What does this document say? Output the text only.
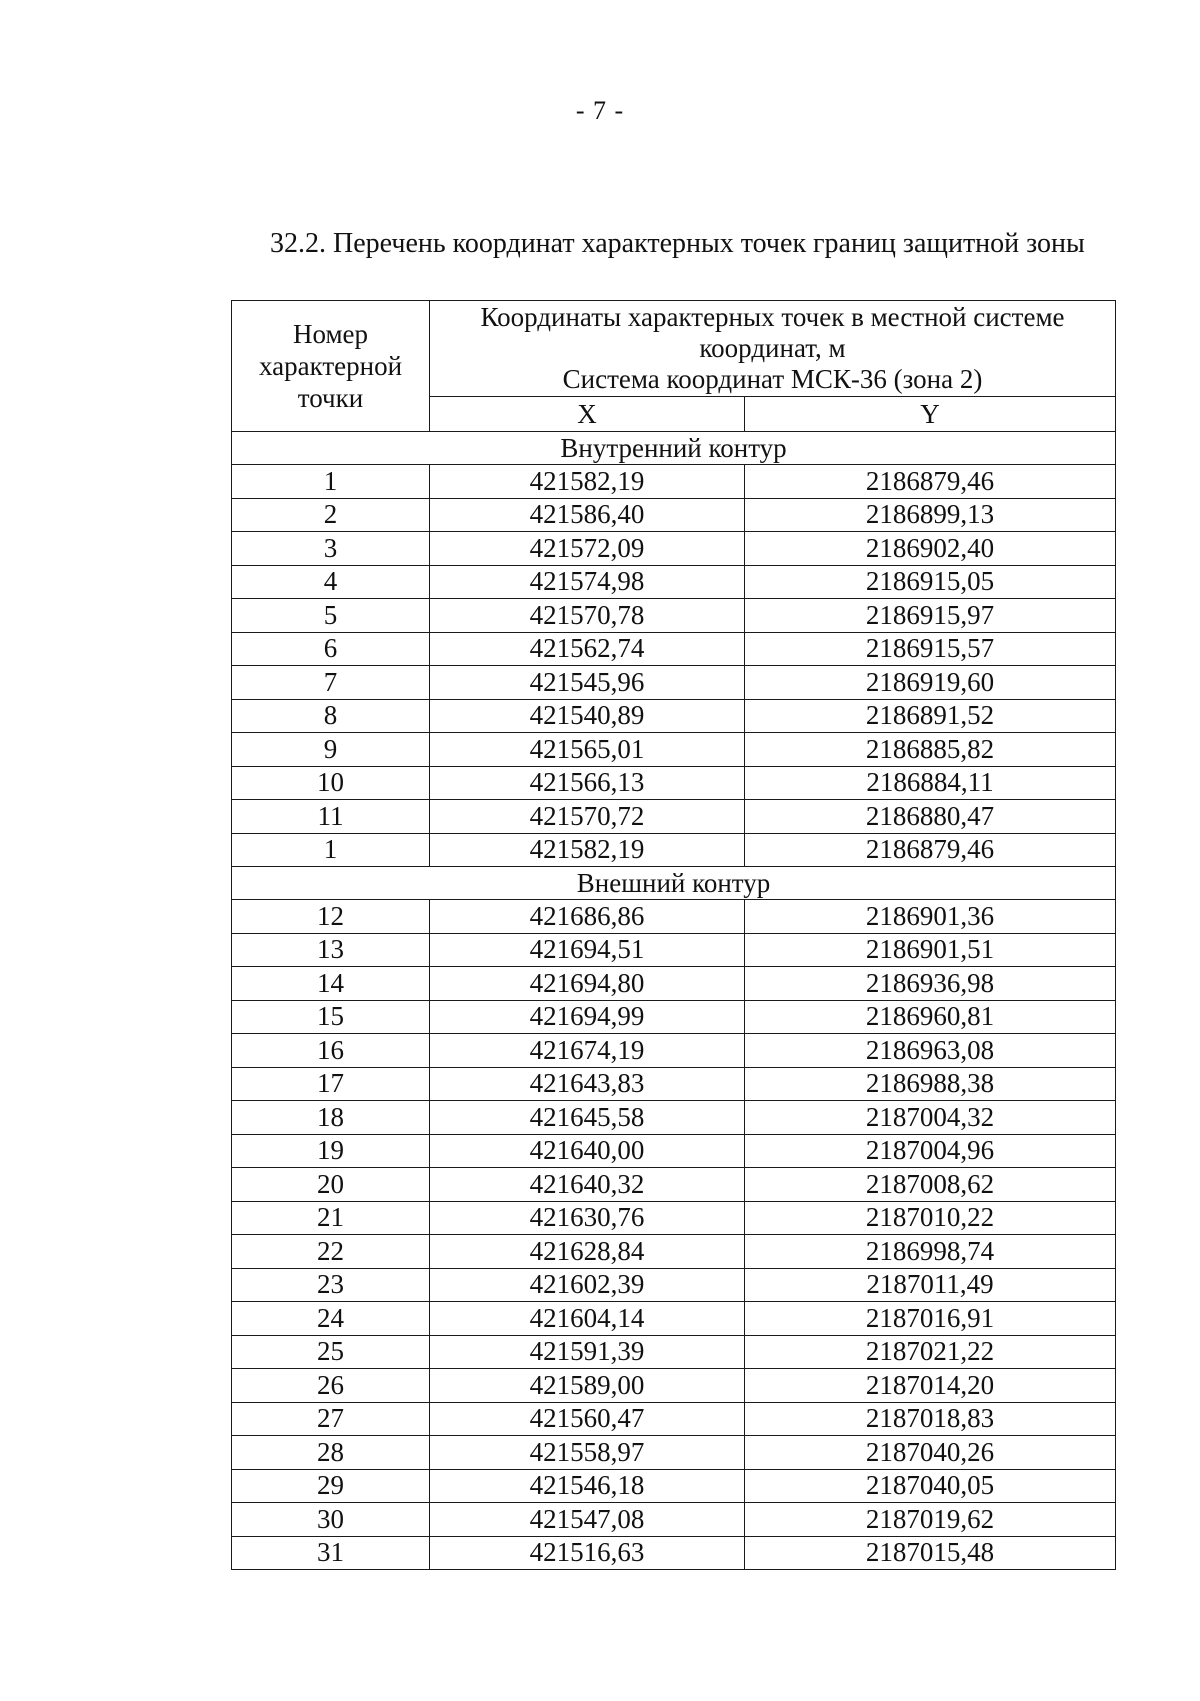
- 7 -
32.2. Перечень координат характерных точек границ защитной зоны
Номер характерной точки	Координаты характерных точек в местной системе координат, м
Система координат МСК-36 (зона 2)	

	X	Y
Внутренний контур		
1	421582,19	2186879,46
2	421586,40	2186899,13
3	421572,09	2186902,40
4	421574,98	2186915,05
5	421570,78	2186915,97
6	421562,74	2186915,57
7	421545,96	2186919,60
8	421540,89	2186891,52
9	421565,01	2186885,82
10	421566,13	2186884,11
11	421570,72	2186880,47
1	421582,19	2186879,46
Внешний контур		
12	421686,86	2186901,36
13	421694,51	2186901,51
14	421694,80	2186936,98
15	421694,99	2186960,81
16	421674,19	2186963,08
17	421643,83	2186988,38
18	421645,58	2187004,32
19	421640,00	2187004,96
20	421640,32	2187008,62
21	421630,76	2187010,22
22	421628,84	2186998,74
23	421602,39	2187011,49
24	421604,14	2187016,91
25	421591,39	2187021,22
26	421589,00	2187014,20
27	421560,47	2187018,83
28	421558,97	2187040,26
29	421546,18	2187040,05
30	421547,08	2187019,62
31	421516,63	2187015,48
